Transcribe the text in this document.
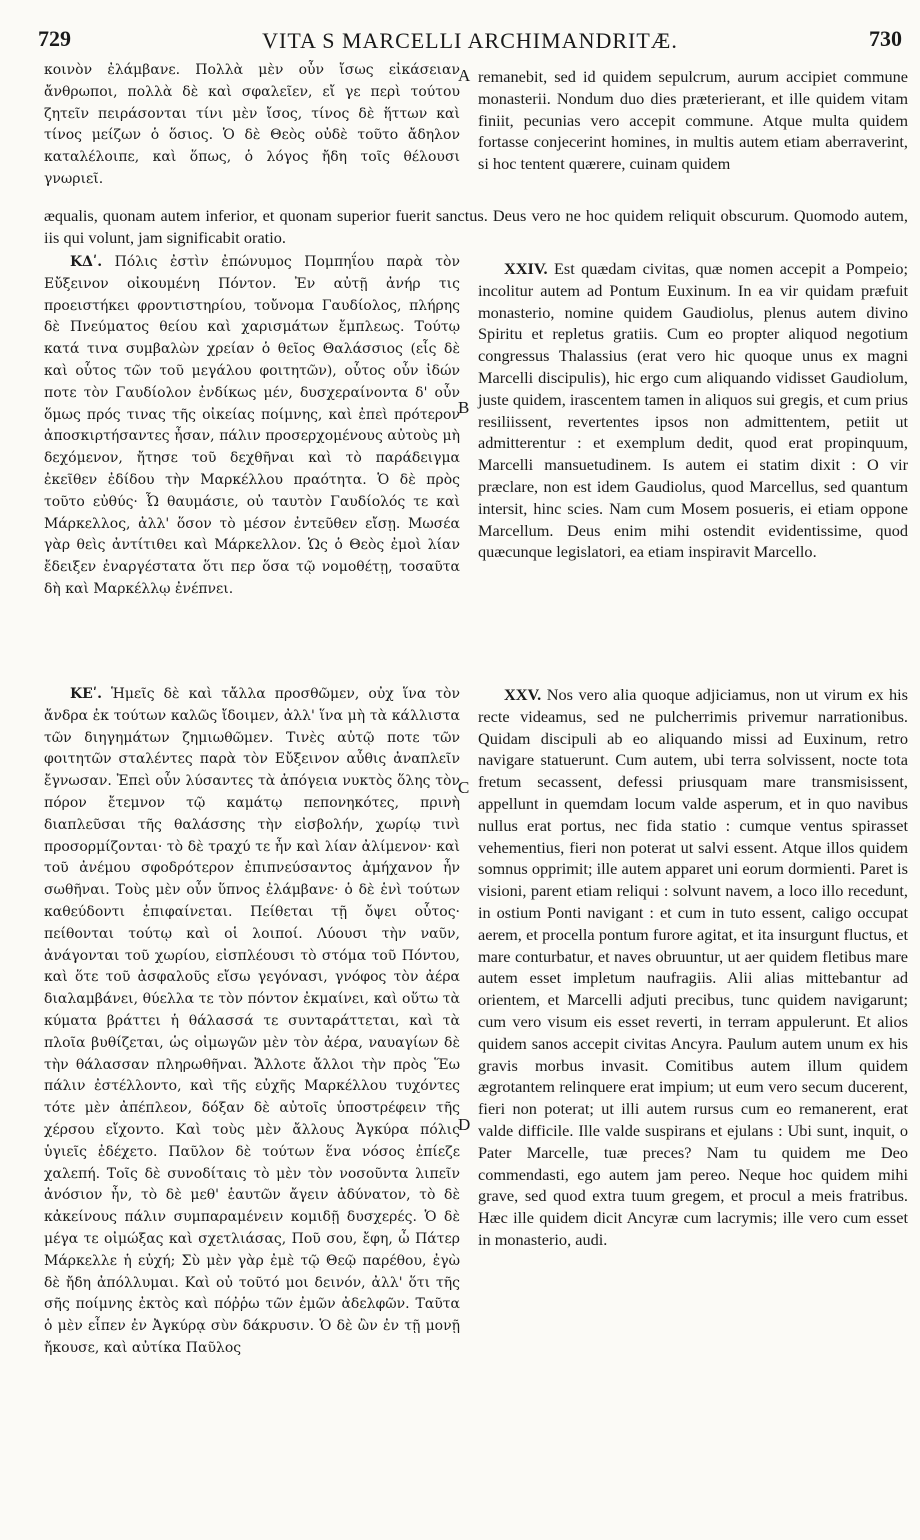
729	VITA S MARCELLI ARCHIMANDRITÆ.	730
A
B
C
D

κοινὸν ἐλάμβανε. Πολλὰ μὲν οὖν ἴσως εἰκάσειαν ἄνθρωποι, πολλὰ δὲ καὶ σφαλεῖεν, εἴ γε περὶ τούτου ζητεῖν πειράσονται τίνι μὲν ἴσος, τίνος δὲ ἥττων καὶ τίνος μείζων ὁ ὅσιος. Ὁ δὲ Θεὸς οὐδὲ τοῦτο ἄδηλον καταλέλοιπε, καὶ ὅπως, ὁ λόγος ἤδη τοῖς θέλουσι γνωριεῖ.

remanebit, sed id quidem sepulcrum, aurum accipiet commune monasterii. Nondum duo dies præterierant, et ille quidem vitam finiit, pecunias vero accepit commune. Atque multa quidem fortasse conjecerint homines, in multis autem etiam aberraverint, si hoc tentent quærere, cuinam quidem

æqualis, quonam autem inferior, et quonam superior fuerit sanctus. Deus vero ne hoc quidem reliquit obscurum. Quomodo autem, iis qui volunt, jam significabit oratio.

ΚΔʹ. Πόλις ἐστὶν ἐπώνυμος Πομπηΐου παρὰ τὸν Εὔξεινον οἰκουμένη Πόντον. Ἐν αὐτῇ ἀνήρ τις προειστήκει φροντιστηρίου, τοὔνομα Γαυδίολος, πλήρης δὲ Πνεύματος θείου καὶ χαρισμάτων ἔμπλεως. Τούτῳ κατά τινα συμβαλὼν χρείαν ὁ θεῖος Θαλάσσιος (εἷς δὲ καὶ οὗτος τῶν τοῦ μεγάλου φοιτητῶν), οὗτος οὖν ἰδών ποτε τὸν Γαυδίολον ἐνδίκως μέν, δυσχεραίνοντα δ' οὖν ὅμως πρός τινας τῆς οἰκείας ποίμνης, καὶ ἐπεὶ πρότερον ἀποσκιρτήσαντες ἦσαν, πάλιν προσερχομένους αὐτοὺς μὴ δεχόμενον, ἤτησε τοῦ δεχθῆναι καὶ τὸ παράδειγμα ἐκεῖθεν ἐδίδου τὴν Μαρκέλλου πραότητα. Ὁ δὲ πρὸς τοῦτο εὐθύς· Ὦ θαυμάσιε, οὐ ταυτὸν Γαυδίολός τε καὶ Μάρκελλος, ἀλλ' ὅσον τὸ μέσον ἐντεῦθεν εἴσῃ. Μωσέα γὰρ θεὶς ἀντίτιθει καὶ Μάρκελλον. Ὡς ὁ Θεὸς ἐμοὶ λίαν ἔδειξεν ἐναργέστατα ὅτι περ ὅσα τῷ νομοθέτῃ, τοσαῦτα δὴ καὶ Μαρκέλλῳ ἐνέπνει.

XXIV. Est quædam civitas, quæ nomen accepit a Pompeio; incolitur autem ad Pontum Euxinum. In ea vir quidam præfuit monasterio, nomine quidem Gaudiolus, plenus autem divino Spiritu et repletus gratiis. Cum eo propter aliquod negotium congressus Thalassius (erat vero hic quoque unus ex magni Marcelli discipulis), hic ergo cum aliquando vidisset Gaudiolum, juste quidem, irascentem tamen in aliquos sui gregis, et cum prius resiliissent, revertentes ipsos non admittentem, petiit ut admitterentur : et exemplum dedit, quod erat propinquum, Marcelli mansuetudinem. Is autem ei statim dixit : O vir præclare, non est idem Gaudiolus, quod Marcellus, sed quantum intersit, hinc scies. Nam cum Mosem posueris, ei etiam oppone Marcellum. Deus enim mihi ostendit evidentissime, quod quæcunque legislatori, ea etiam inspiravit Marcello.

ΚΕʹ. Ἡμεῖς δὲ καὶ τἄλλα προσθῶμεν, οὐχ ἵνα τὸν ἄνδρα ἐκ τούτων καλῶς ἴδοιμεν, ἀλλ' ἵνα μὴ τὰ κάλλιστα τῶν διηγημάτων ζημιωθῶμεν. Τινὲς αὐτῷ ποτε τῶν φοιτητῶν σταλέντες παρὰ τὸν Εὔξεινον αὖθις ἀναπλεῖν ἔγνωσαν. Ἐπεὶ οὖν λύσαντες τὰ ἀπόγεια νυκτὸς ὅλης τὸν πόρον ἔτεμνον τῷ καμάτῳ πεπονηκότες, πρινὴ διαπλεῦσαι τῆς θαλάσσης τὴν εἰσβολήν, χωρίῳ τινὶ προσορμίζονται· τὸ δὲ τραχύ τε ἦν καὶ λίαν ἀλίμενον· καὶ τοῦ ἀνέμου σφοδρότερον ἐπιπνεύσαντος ἀμήχανον ἦν σωθῆναι. Τοὺς μὲν οὖν ὕπνος ἐλάμβανε· ὁ δὲ ἑνὶ τούτων καθεύδοντι ἐπιφαίνεται. Πείθεται τῇ ὄψει οὗτος· πείθονται τούτῳ καὶ οἱ λοιποί. Λύουσι τὴν ναῦν, ἀνάγονται τοῦ χωρίου, εἰσπλέουσι τὸ στόμα τοῦ Πόντου, καὶ ὅτε τοῦ ἀσφαλοῦς εἴσω γεγόνασι, γνόφος τὸν ἀέρα διαλαμβάνει, θύελλα τε τὸν πόντον ἐκμαίνει, καὶ οὕτω τὰ κύματα βράττει ἡ θάλασσά τε συνταράττεται, καὶ τὰ πλοῖα βυθίζεται, ὡς οἰμωγῶν μὲν τὸν ἀέρα, ναυαγίων δὲ τὴν θάλασσαν πληρωθῆναι. Ἄλλοτε ἄλλοι τὴν πρὸς Ἕω πάλιν ἐστέλλοντο, καὶ τῆς εὐχῆς Μαρκέλλου τυχόντες τότε μὲν ἀπέπλεον, δόξαν δὲ αὐτοῖς ὑποστρέφειν τῆς χέρσου εἴχοντο. Καὶ τοὺς μὲν ἄλλους Ἀγκύρα πόλις ὑγιεῖς ἐδέχετο. Παῦλον δὲ τούτων ἕνα νόσος ἐπίεζε χαλεπή. Τοῖς δὲ συνοδίταις τὸ μὲν τὸν νοσοῦντα λιπεῖν ἀνόσιον ἦν, τὸ δὲ μεθ' ἑαυτῶν ἄγειν ἀδύνατον, τὸ δὲ κἀκείνους πάλιν συμπαραμένειν κομιδῇ δυσχερές. Ὁ δὲ μέγα τε οἰμώξας καὶ σχετλιάσας, Ποῦ σου, ἔφη, ὦ Πάτερ Μάρκελλε ἡ εὐχή; Σὺ μὲν γὰρ ἐμὲ τῷ Θεῷ παρέθου, ἐγὼ δὲ ἤδη ἀπόλλυμαι. Καὶ οὐ τοῦτό μοι δεινόν, ἀλλ' ὅτι τῆς σῆς ποίμνης ἐκτὸς καὶ πόῤῥω τῶν ἐμῶν ἀδελφῶν. Ταῦτα ὁ μὲν εἶπεν ἐν Ἀγκύρᾳ σὺν δάκρυσιν. Ὁ δὲ ὢν ἐν τῇ μονῇ ἤκουσε, καὶ αὐτίκα Παῦλος

XXV. Nos vero alia quoque adjiciamus, non ut virum ex his recte videamus, sed ne pulcherrimis privemur narrationibus. Quidam discipuli ab eo aliquando missi ad Euxinum, retro navigare statuerunt. Cum autem, ubi terra solvissent, nocte tota fretum secassent, defessi priusquam mare transmisissent, appellunt in quemdam locum valde asperum, et in quo navibus nullus erat portus, nec fida statio : cumque ventus spirasset vehementius, fieri non poterat ut salvi essent. Atque illos quidem somnus opprimit; ille autem apparet uni eorum dormienti. Paret is visioni, parent etiam reliqui : solvunt navem, a loco illo recedunt, in ostium Ponti navigant : et cum in tuto essent, caligo occupat aerem, et procella pontum furore agitat, et ita insurgunt fluctus, et mare conturbatur, et naves obruuntur, ut aer quidem fletibus mare autem esset impletum naufragiis. Alii alias mittebantur ad orientem, et Marcelli adjuti precibus, tunc quidem navigarunt; cum vero visum eis esset reverti, in terram appulerunt. Et alios quidem sanos accepit civitas Ancyra. Paulum autem unum ex his gravis morbus invasit. Comitibus autem illum quidem ægrotantem relinquere erat impium; ut eum vero secum ducerent, fieri non poterat; ut illi autem rursus cum eo remanerent, erat valde difficile. Ille valde suspirans et ejulans : Ubi sunt, inquit, o Pater Marcelle, tuæ preces? Nam tu quidem me Deo commendasti, ego autem jam pereo. Neque hoc quidem mihi grave, sed quod extra tuum gregem, et procul a meis fratribus. Hæc ille quidem dicit Ancyræ cum lacrymis; ille vero cum esset in monasterio, audi.
